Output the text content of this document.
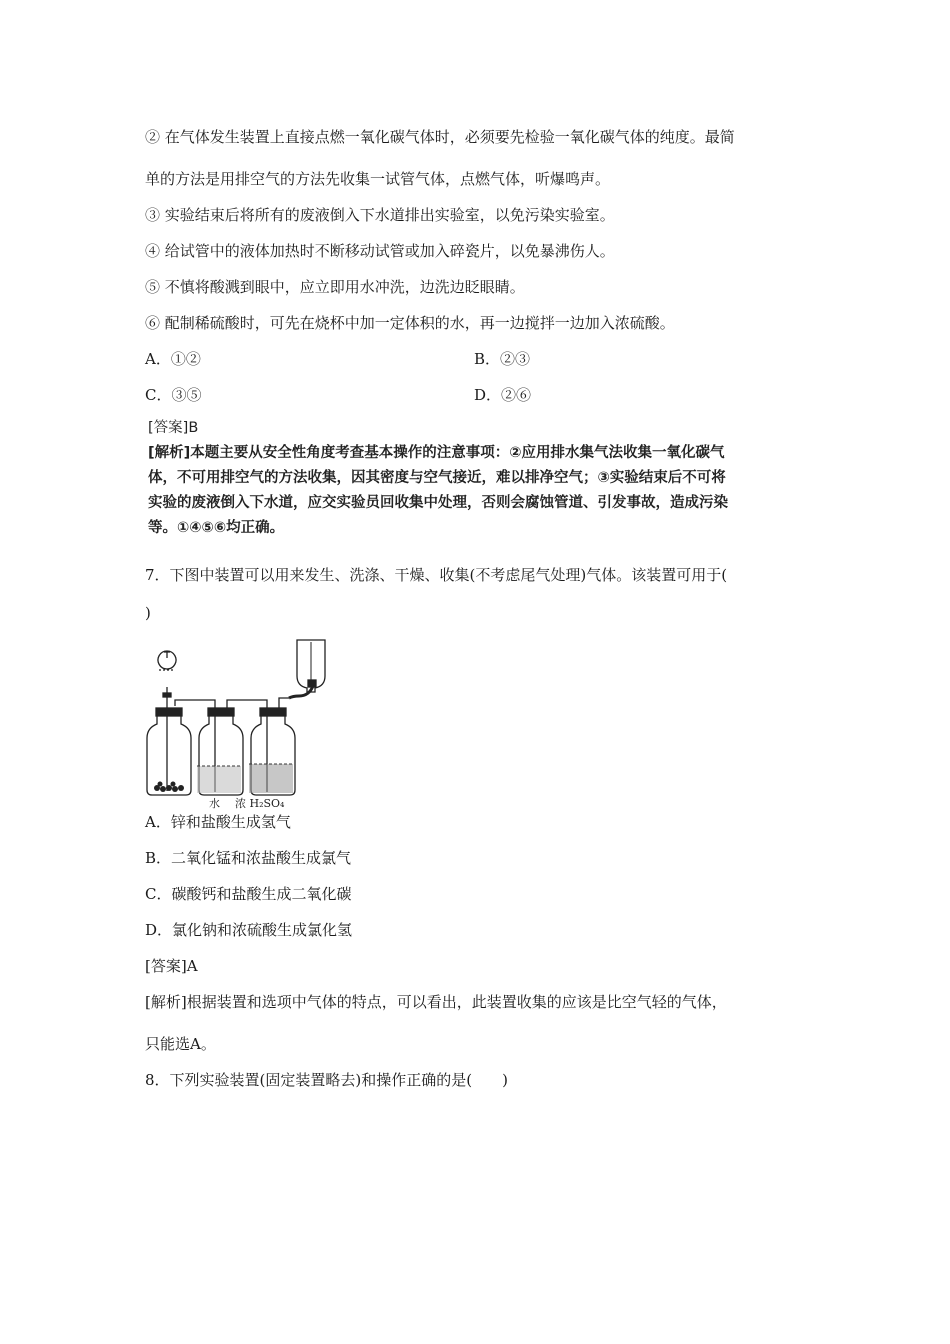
② 在气体发生装置上直接点燃一氧化碳气体时，必须要先检验一氧化碳气体的纯度。最简
单的方法是用排空气的方法先收集一试管气体，点燃气体，听爆鸣声。
③ 实验结束后将所有的废液倒入下水道排出实验室，以免污染实验室。
④ 给试管中的液体加热时不断移动试管或加入碎瓷片，以免暴沸伤人。
⑤ 不慎将酸溅到眼中，应立即用水冲洗，边洗边眨眼睛。
⑥ 配制稀硫酸时，可先在烧杯中加一定体积的水，再一边搅拌一边加入浓硫酸。
A．①②	B．②③
C．③⑤	D．②⑥
[答案]B
[解析]本题主要从安全性角度考查基本操作的注意事项：②应用排水集气法收集一氧化碳气
体，不可用排空气的方法收集，因其密度与空气接近，难以排净空气；③实验结束后不可将
实验的废液倒入下水道，应交实验员回收集中处理，否则会腐蚀管道、引发事故，造成污染
等。①④⑤⑥均正确。
7．下图中装置可以用来发生、洗涤、干燥、收集(不考虑尾气处理)气体。该装置可用于(
)
水 浓 H₂SO₄
A．锌和盐酸生成氢气
B．二氧化锰和浓盐酸生成氯气
C．碳酸钙和盐酸生成二氧化碳
D．氯化钠和浓硫酸生成氯化氢
[答案]A
[解析]根据装置和选项中气体的特点，可以看出，此装置收集的应该是比空气轻的气体，
只能选A。
8．下列实验装置(固定装置略去)和操作正确的是(　　)
